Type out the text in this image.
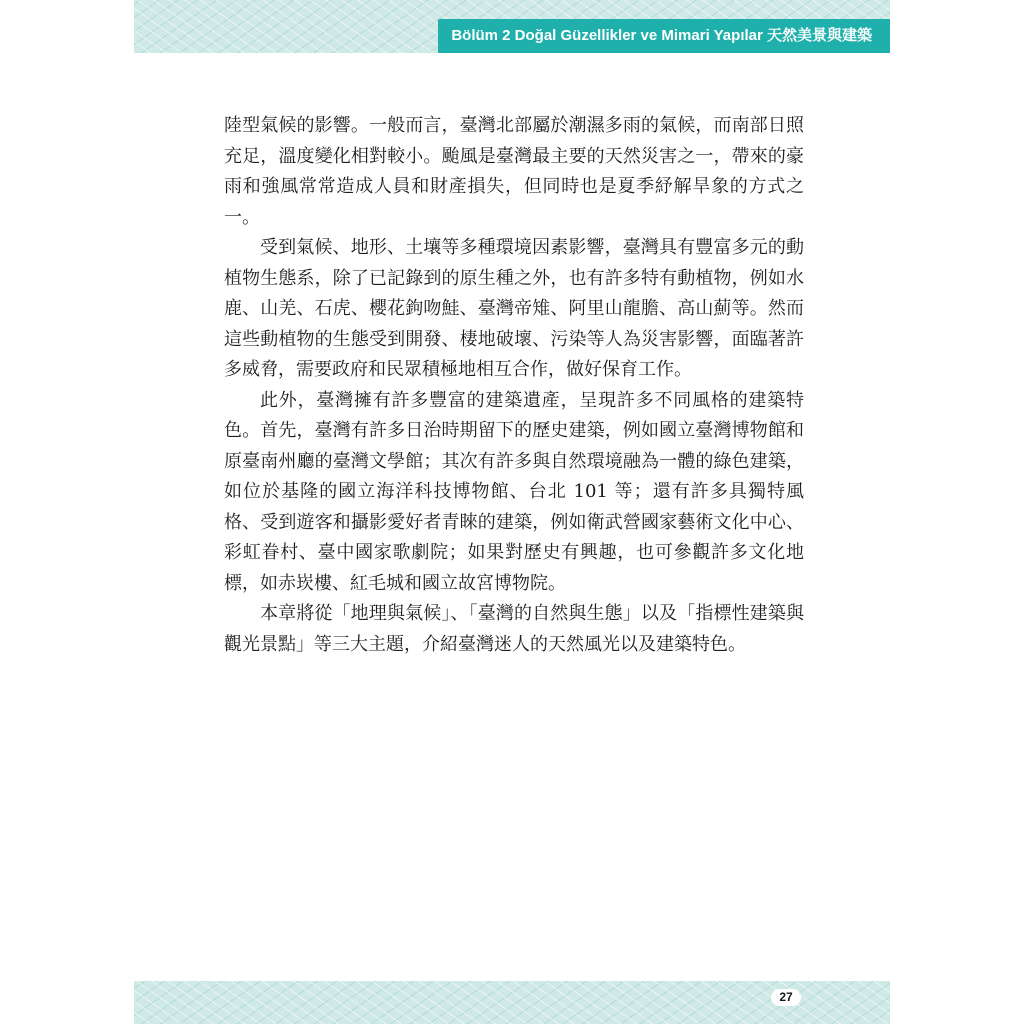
Bölüm 2 Doğal Güzellikler ve Mimari Yapılar 天然美景與建築

陸型氣候的影響。一般而言，臺灣北部屬於潮濕多雨的氣候，而南部日照充足，溫度變化相對較小。颱風是臺灣最主要的天然災害之一，帶來的豪雨和強風常常造成人員和財產損失，但同時也是夏季紓解旱象的方式之一。

受到氣候、地形、土壤等多種環境因素影響，臺灣具有豐富多元的動植物生態系，除了已記錄到的原生種之外，也有許多特有動植物，例如水鹿、山羌、石虎、櫻花鉤吻鮭、臺灣帝雉、阿里山龍膽、高山薊等。然而這些動植物的生態受到開發、棲地破壞、污染等人為災害影響，面臨著許多威脅，需要政府和民眾積極地相互合作，做好保育工作。

此外，臺灣擁有許多豐富的建築遺產，呈現許多不同風格的建築特色。首先，臺灣有許多日治時期留下的歷史建築，例如國立臺灣博物館和原臺南州廳的臺灣文學館；其次有許多與自然環境融為一體的綠色建築，如位於基隆的國立海洋科技博物館、台北 101 等；還有許多具獨特風格、受到遊客和攝影愛好者青睞的建築，例如衛武營國家藝術文化中心、彩虹眷村、臺中國家歌劇院；如果對歷史有興趣，也可參觀許多文化地標，如赤崁樓、紅毛城和國立故宮博物院。

本章將從「地理與氣候」、「臺灣的自然與生態」以及「指標性建築與觀光景點」等三大主題，介紹臺灣迷人的天然風光以及建築特色。

27
